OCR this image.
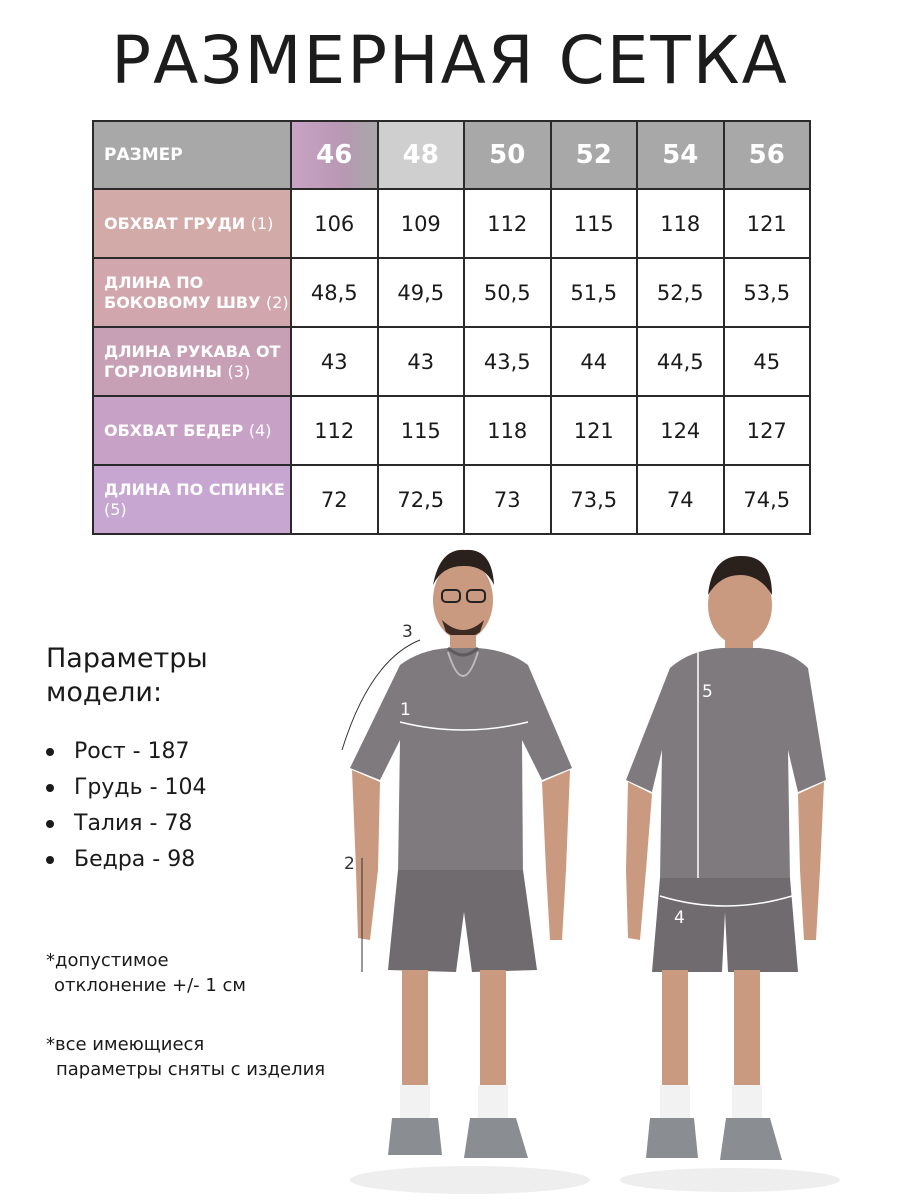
РАЗМЕРНАЯ СЕТКА
РАЗМЕР	46	48	50	52	54	56
ОБХВАТ ГРУДИ (1)	106	109	112	115	118	121
ДЛИНА ПО БОКОВОМУ ШВУ (2)	48,5	49,5	50,5	51,5	52,5	53,5
ДЛИНА РУКАВА ОТ ГОРЛОВИНЫ (3)	43	43	43,5	44	44,5	45
ОБХВАТ БЕДЕР (4)	112	115	118	121	124	127
ДЛИНА ПО СПИНКЕ (5)	72	72,5	73	73,5	74	74,5
Параметры модели:
Рост - 187
Грудь - 104
Талия - 78
Бедра - 98
*допустимое
отклонение +/- 1 см
*все имеющиеся
параметры сняты с изделия
1
2
3
4
5
